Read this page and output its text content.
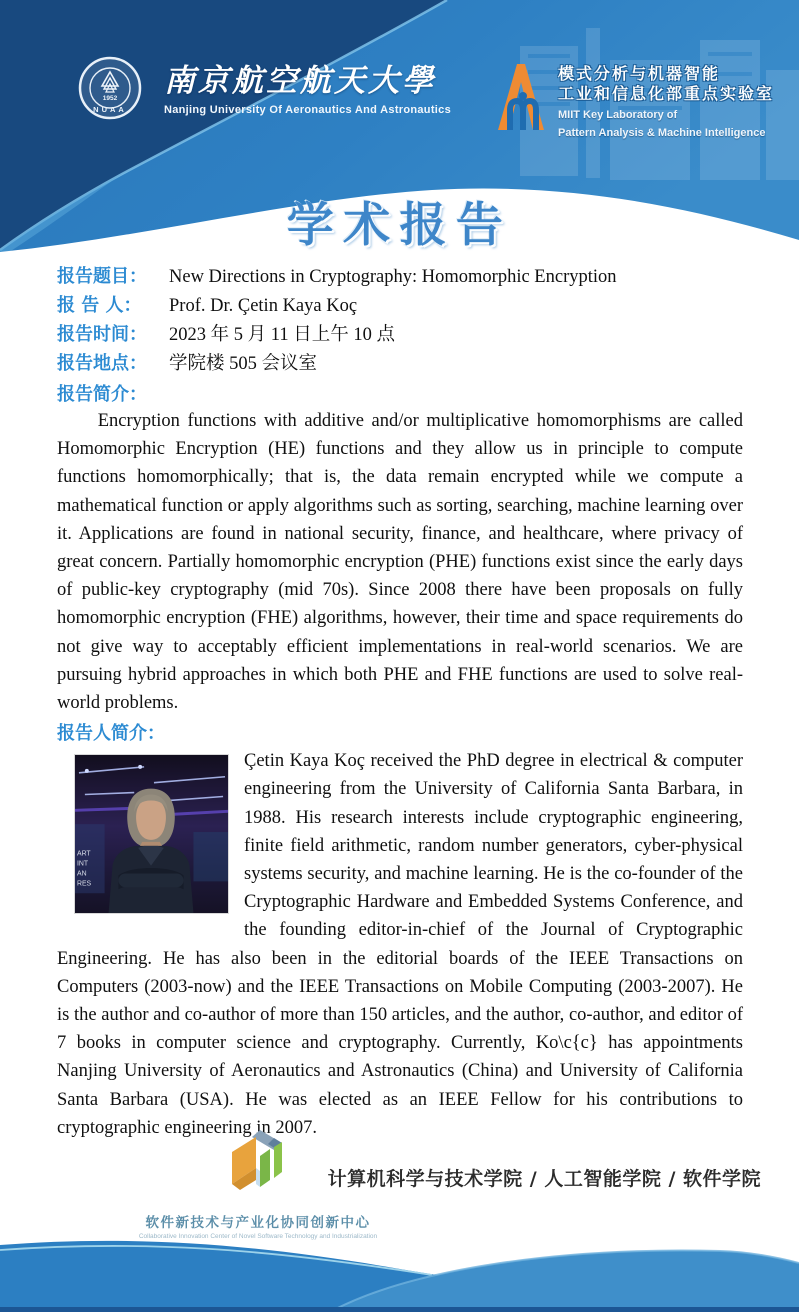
1952
NUAA
南京航空航天大學
Nanjing University Of Aeronautics And Astronautics
模式分析与机器智能
工业和信息化部重点实验室
MIIT Key Laboratory of
Pattern Analysis & Machine Intelligence
学术报告
报告题目：	New Directions in Cryptography: Homomorphic Encryption
报 告 人：	Prof. Dr. Çetin Kaya Koç
报告时间：	2023 年 5 月 11 日上午 10 点
报告地点：	学院楼 505 会议室
报告简介：

Encryption functions with additive and/or multiplicative homomorphisms are called Homomorphic Encryption (HE) functions and they allow us in principle to compute functions homomorphically; that is, the data remain encrypted while we compute a mathematical function or apply algorithms such as sorting, searching, machine learning over it. Applications are found in national security, finance, and healthcare, where privacy of great concern. Partially homomorphic encryption (PHE) functions exist since the early days of public-key cryptography (mid 70s). Since 2008 there have been proposals on fully homomorphic encryption (FHE) algorithms, however, their time and space requirements do not give way to acceptably efficient implementations in real-world scenarios. We are pursuing hybrid approaches in which both PHE and FHE functions are used to solve real-world problems.

报告人简介：
ART
INT
AN
RES

Çetin Kaya Koç received the PhD degree in electrical & computer engineering from the University of California Santa Barbara, in 1988. His research interests include cryptographic engineering, finite field arithmetic, random number generators, cyber-physical systems security, and machine learning. He is the co-founder of the Cryptographic Hardware and Embedded Systems Conference, and the founding editor-in-chief of the Journal of Cryptographic Engineering. He has also been in the editorial boards of the IEEE Transactions on Computers (2003-now) and the IEEE Transactions on Mobile Computing (2003-2007). He is the author and co-author of more than 150 articles, and the author, co-author, and editor of 7 books in computer science and cryptography. Currently, Ko\c{c} has appointments Nanjing University of Aeronautics and Astronautics (China) and University of California Santa Barbara (USA). He was elected as an IEEE Fellow for his contributions to cryptographic engineering in 2007.

软件新技术与产业化协同创新中心
Collaborative Innovation Center of Novel Software Technology and Industrialization
计算机科学与技术学院 / 人工智能学院 / 软件学院
